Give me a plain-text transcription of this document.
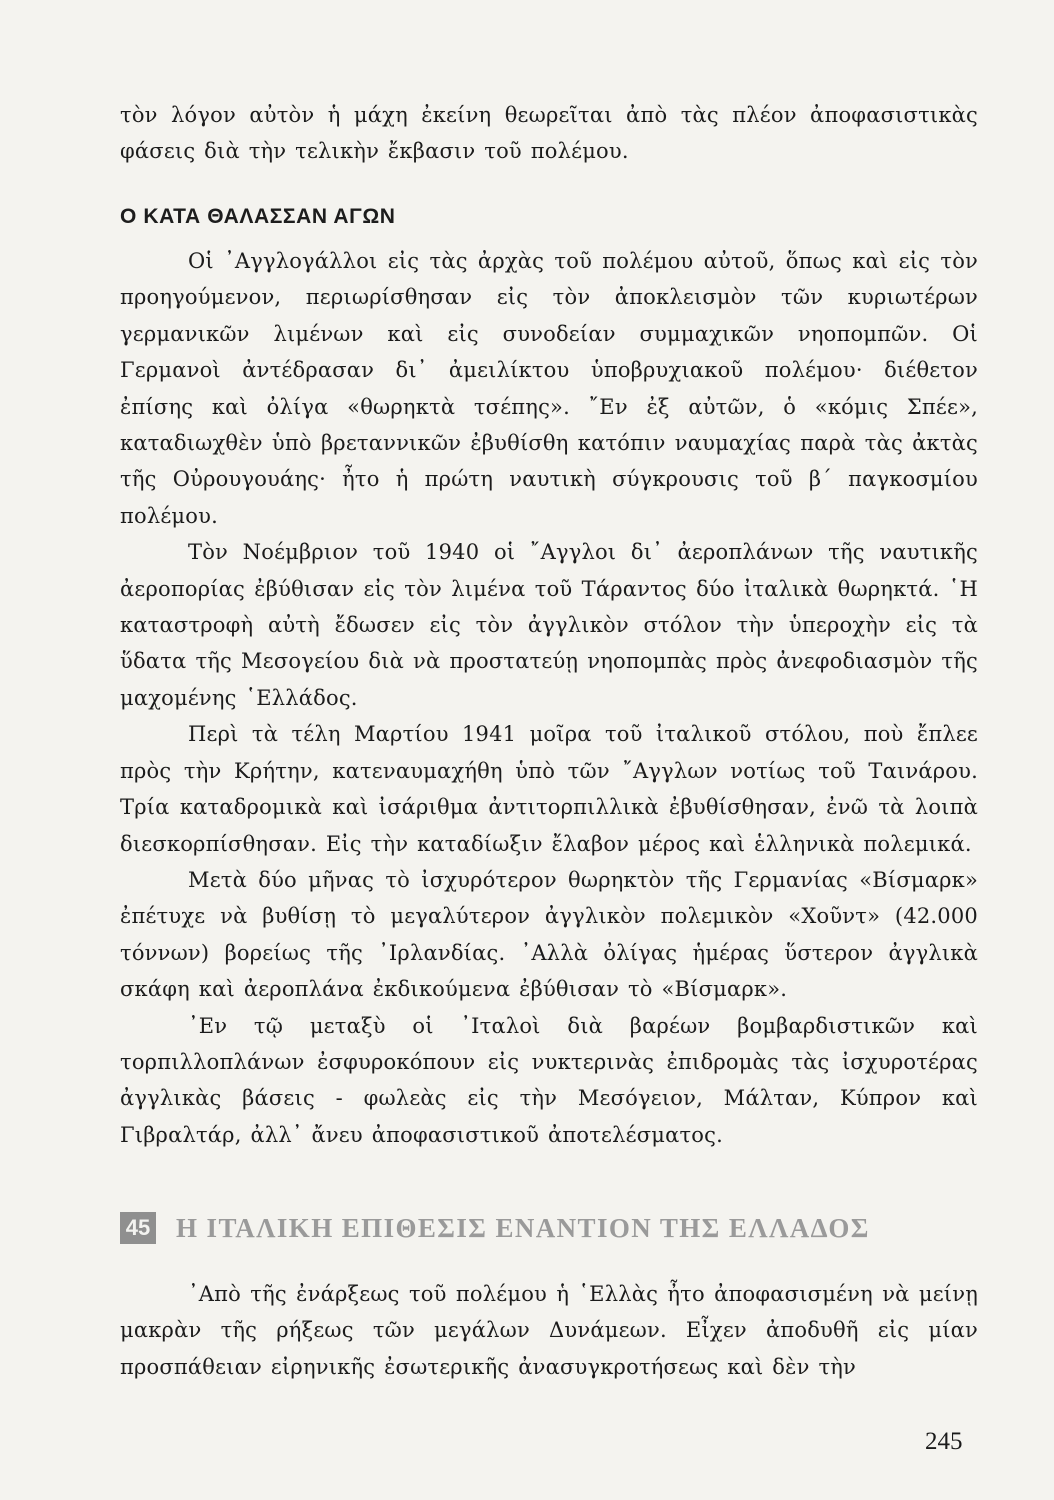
τὸν λόγον αὐτὸν ἡ μάχη ἐκείνη θεωρεῖται ἀπὸ τὰς πλέον ἀποφασιστικὰς φάσεις διὰ τὴν τελικὴν ἔκβασιν τοῦ πολέμου.

Ο ΚΑΤΑ ΘΑΛΑΣΣΑΝ ΑΓΩΝ

Οἱ ᾿Αγγλογάλλοι εἰς τὰς ἀρχὰς τοῦ πολέμου αὐτοῦ, ὅπως καὶ εἰς τὸν προηγούμενον, περιωρίσθησαν εἰς τὸν ἀποκλεισμὸν τῶν κυριωτέρων γερμανικῶν λιμένων καὶ εἰς συνοδείαν συμμαχικῶν νηοπομπῶν. Οἱ Γερμανοὶ ἀντέδρασαν δι᾿ ἀμειλίκτου ὑποβρυχιακοῦ πολέμου· διέθετον ἐπίσης καὶ ὀλίγα «θωρηκτὰ τσέπης». ῎Εν ἐξ αὐτῶν, ὁ «κόμις Σπέε», καταδιωχθὲν ὑπὸ βρεταννικῶν ἐβυθίσθη κατόπιν ναυμαχίας παρὰ τὰς ἀκτὰς τῆς Οὐρουγουάης· ἦτο ἡ πρώτη ναυτικὴ σύγκρουσις τοῦ β΄ παγκοσμίου πολέμου.

Τὸν Νοέμβριον τοῦ 1940 οἱ ῎Αγγλοι δι᾿ ἀεροπλάνων τῆς ναυτικῆς ἀεροπορίας ἐβύθισαν εἰς τὸν λιμένα τοῦ Τάραντος δύο ἰταλικὰ θωρηκτά. ῾Η καταστροφὴ αὐτὴ ἔδωσεν εἰς τὸν ἀγγλικὸν στόλον τὴν ὑπεροχὴν εἰς τὰ ὕδατα τῆς Μεσογείου διὰ νὰ προστατεύῃ νηοπομπὰς πρὸς ἀνεφοδιασμὸν τῆς μαχομένης ῾Ελλάδος.

Περὶ τὰ τέλη Μαρτίου 1941 μοῖρα τοῦ ἰταλικοῦ στόλου, ποὺ ἔπλεε πρὸς τὴν Κρήτην, κατεναυμαχήθη ὑπὸ τῶν ῎Αγγλων νοτίως τοῦ Ταινάρου. Τρία καταδρομικὰ καὶ ἰσάριθμα ἀντιτορπιλλικὰ ἐβυθίσθησαν, ἐνῶ τὰ λοιπὰ διεσκορπίσθησαν. Εἰς τὴν καταδίωξιν ἔλαβον μέρος καὶ ἑλληνικὰ πολεμικά.

Μετὰ δύο μῆνας τὸ ἰσχυρότερον θωρηκτὸν τῆς Γερμανίας «Βίσμαρκ» ἐπέτυχε νὰ βυθίσῃ τὸ μεγαλύτερον ἀγγλικὸν πολεμικὸν «Χοῦντ» (42.000 τόννων) βορείως τῆς ᾿Ιρλανδίας. ᾿Αλλὰ ὀλίγας ἡμέρας ὕστερον ἀγγλικὰ σκάφη καὶ ἀεροπλάνα ἐκδικούμενα ἐβύθισαν τὸ «Βίσμαρκ».

᾿Εν τῷ μεταξὺ οἱ ᾿Ιταλοὶ διὰ βαρέων βομβαρδιστικῶν καὶ τορπιλλοπλάνων ἐσφυροκόπουν εἰς νυκτερινὰς ἐπιδρομὰς τὰς ἰσχυροτέρας ἀγγλικὰς βάσεις - φωλεὰς εἰς τὴν Μεσόγειον, Μάλταν, Κύπρον καὶ Γιβραλτάρ, ἀλλ᾿ ἄνευ ἀποφασιστικοῦ ἀποτελέσματος.

45 Η ΙΤΑΛΙΚΗ ΕΠΙΘΕΣΙΣ ΕΝΑΝΤΙΟΝ ΤΗΣ ΕΛΛΑΔΟΣ

᾿Απὸ τῆς ἐνάρξεως τοῦ πολέμου ἡ ῾Ελλὰς ἦτο ἀποφασισμένη νὰ μείνῃ μακρὰν τῆς ρήξεως τῶν μεγάλων Δυνάμεων. Εἶχεν ἀποδυθῆ εἰς μίαν προσπάθειαν εἰρηνικῆς ἐσωτερικῆς ἀνασυγκροτήσεως καὶ δὲν τὴν

245
